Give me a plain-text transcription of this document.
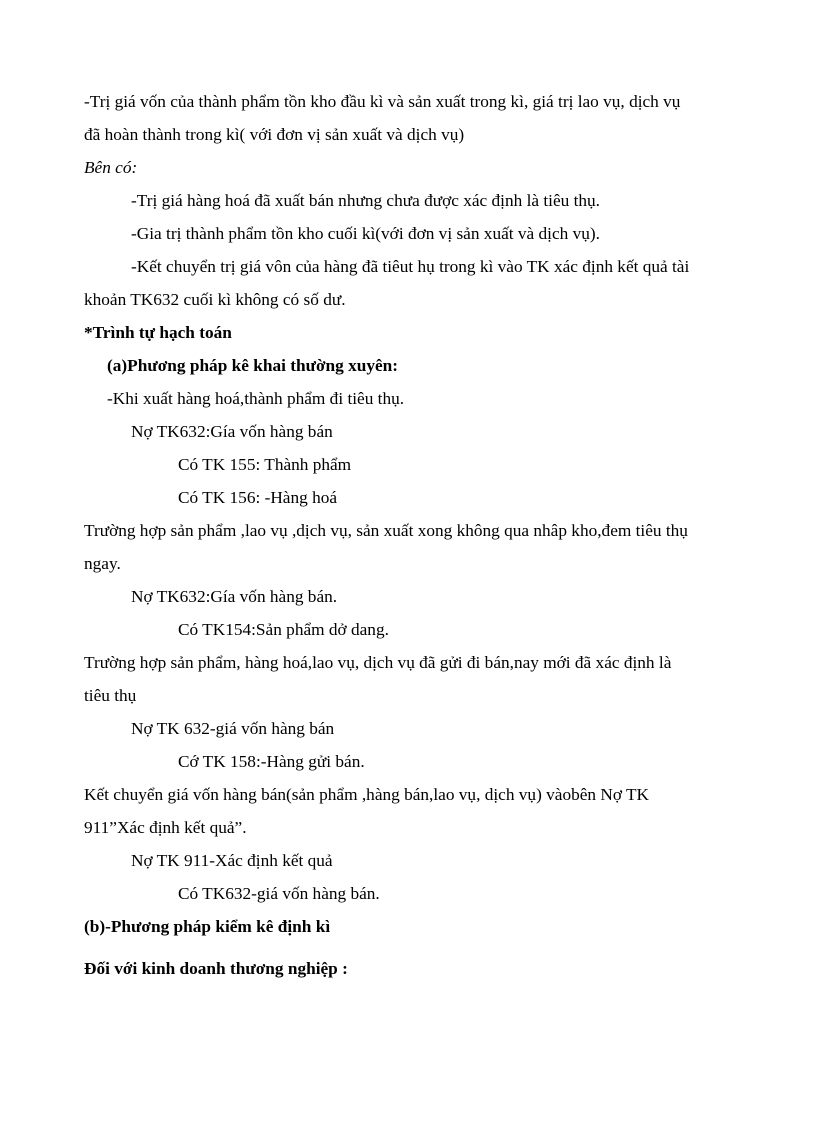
-Trị giá vốn của thành phẩm tồn kho đầu kì và sản xuất trong kì, giá trị lao vụ, dịch vụ
đã hoàn thành trong kì( với đơn vị sản xuất và dịch vụ)
Bên có:
-Trị giá hàng hoá đã xuất bán nhưng chưa được xác định là tiêu thụ.
-Gia trị thành phẩm tồn kho cuối kì(với đơn vị sản xuất và dịch vụ).
-Kết chuyển trị giá vôn của hàng đã tiêut hụ trong kì vào TK xác định kết quả tài
khoản TK632 cuối kì không có số dư.
*Trình tự hạch toán
(a)Phương pháp kê khai thường xuyên:
-Khi xuất hàng hoá,thành phẩm đi tiêu thụ.
Nợ TK632:Gía vốn hàng bán
Có TK 155: Thành phẩm
Có TK 156: -Hàng hoá
Trường hợp sản phẩm ,lao vụ ,dịch vụ, sản xuất xong không qua nhâp kho,đem tiêu thụ
ngay.
Nợ TK632:Gía vốn hàng bán.
Có TK154:Sản phẩm dở dang.
Trường hợp sản phẩm, hàng hoá,lao vụ, dịch vụ đã gửi đi bán,nay mới đã xác định là
tiêu thụ
Nợ TK 632-giá vốn hàng bán
Cớ TK 158:-Hàng gửi bán.
Kết chuyển giá vốn hàng bán(sản phẩm ,hàng bán,lao vụ, dịch vụ) vàobên Nợ TK
911”Xác định kết quả”.
Nợ TK 911-Xác định kết quả
Có TK632-giá vốn hàng bán.
(b)-Phương pháp kiểm kê định kì
Đối với kinh doanh thương nghiệp :
